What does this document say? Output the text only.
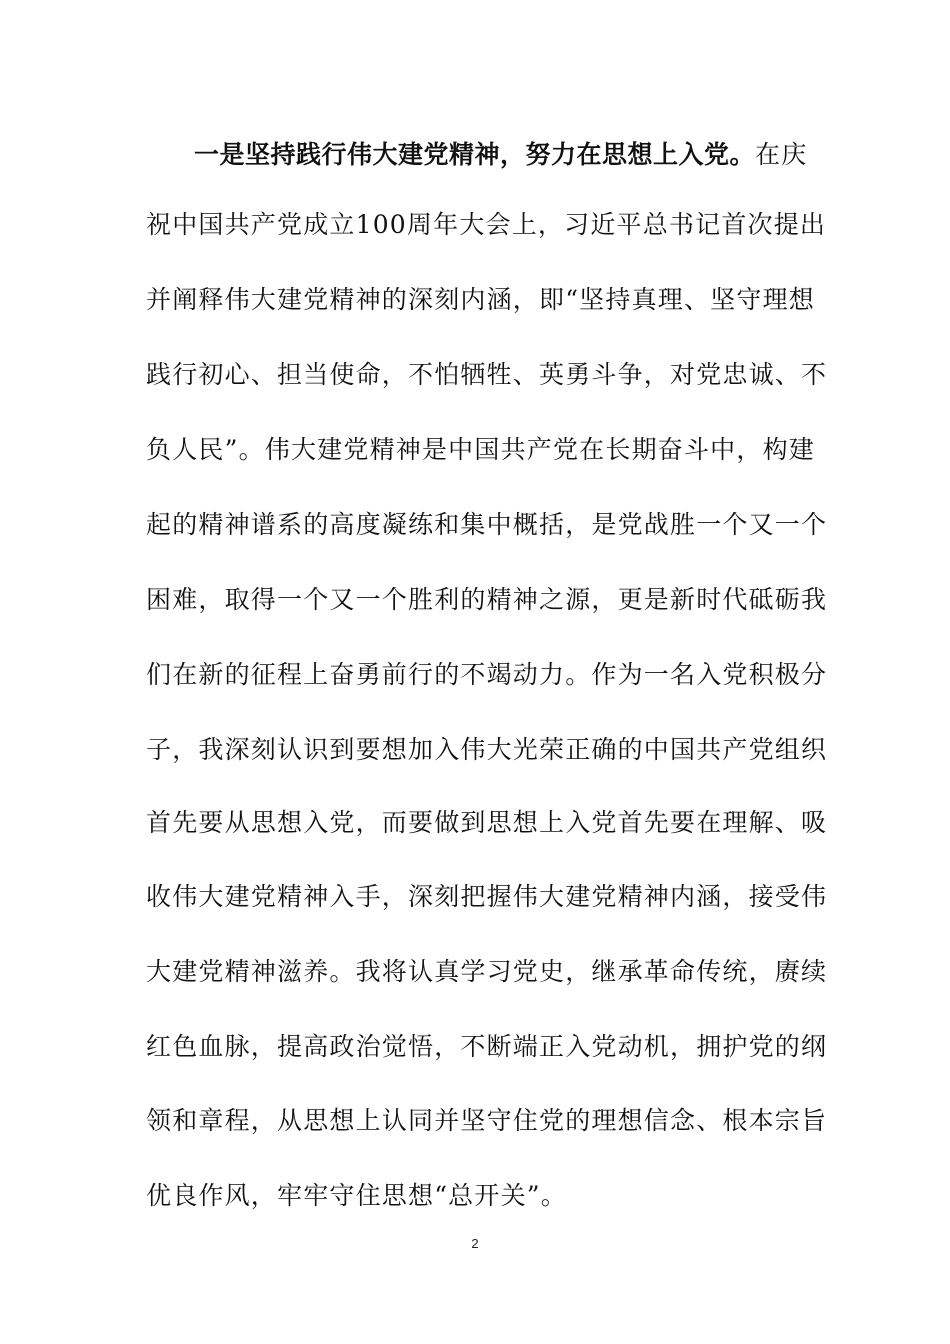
一是坚持践行伟大建党精神，努力在思想上入党。在庆
祝中国共产党成立100周年大会上，习近平总书记首次提出
并阐释伟大建党精神的深刻内涵，即“坚持真理、坚守理想
践行初心、担当使命，不怕牺牲、英勇斗争，对党忠诚、不
负人民”。伟大建党精神是中国共产党在长期奋斗中，构建
起的精神谱系的高度凝练和集中概括，是党战胜一个又一个
困难，取得一个又一个胜利的精神之源，更是新时代砥砺我
们在新的征程上奋勇前行的不竭动力。作为一名入党积极分
子，我深刻认识到要想加入伟大光荣正确的中国共产党组织
首先要从思想入党，而要做到思想上入党首先要在理解、吸
收伟大建党精神入手，深刻把握伟大建党精神内涵，接受伟
大建党精神滋养。我将认真学习党史，继承革命传统，赓续
红色血脉，提高政治觉悟，不断端正入党动机，拥护党的纲
领和章程，从思想上认同并坚守住党的理想信念、根本宗旨
优良作风，牢牢守住思想“总开关”。
2
